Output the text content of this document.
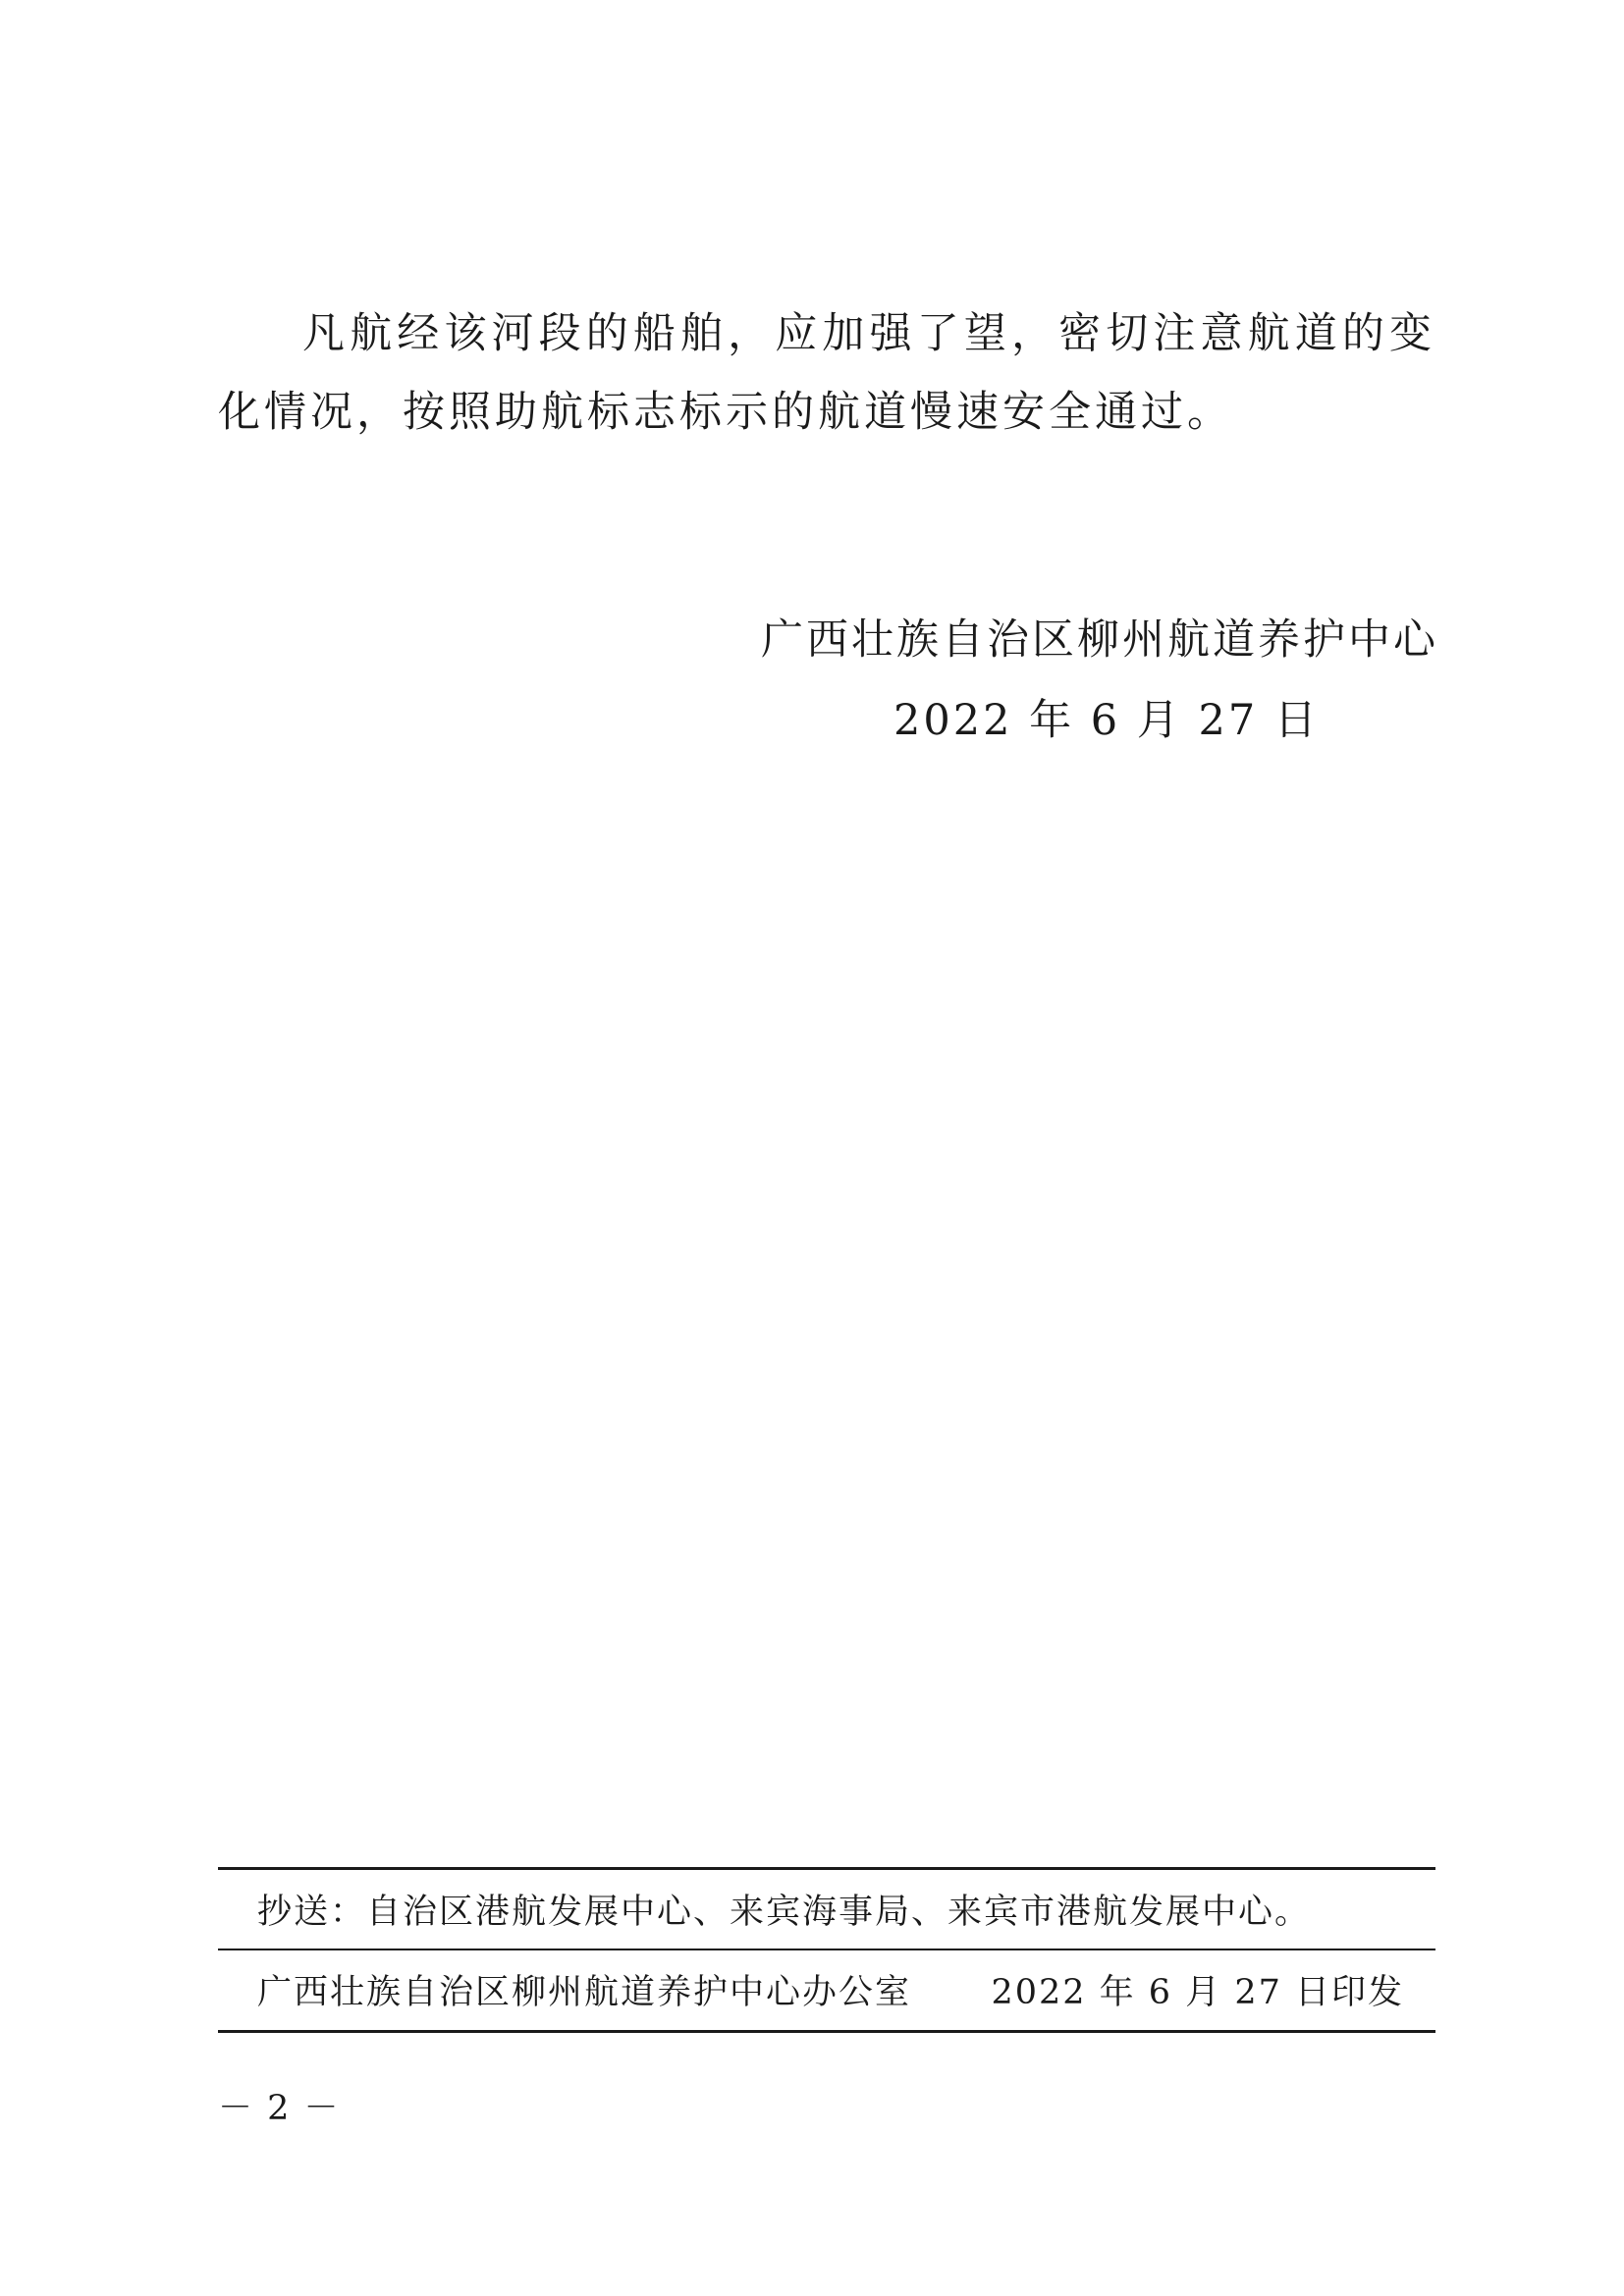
凡航经该河段的船舶，应加强了望，密切注意航道的变化情况，按照助航标志标示的航道慢速安全通过。

广西壮族自治区柳州航道养护中心
2022 年 6 月 27 日
抄送：自治区港航发展中心、来宾海事局、来宾市港航发展中心。
广西壮族自治区柳州航道养护中心办公室 2022 年 6 月 27 日印发
－ 2 －
